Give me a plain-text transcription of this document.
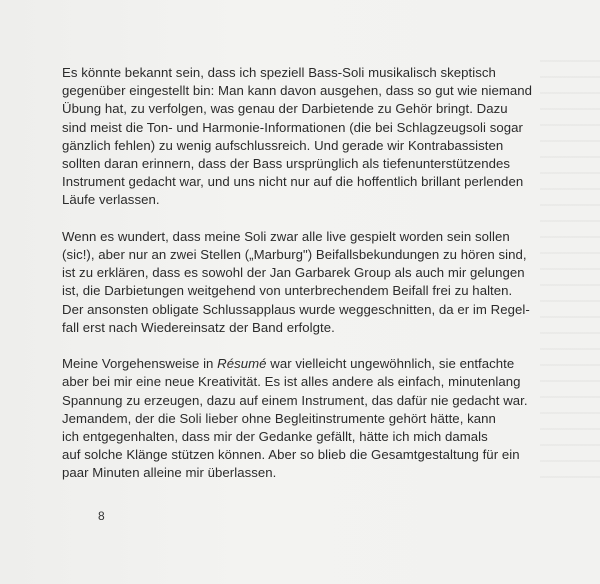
Es könnte bekannt sein, dass ich speziell Bass-Soli musikalisch skeptisch
gegenüber eingestellt bin: Man kann davon ausgehen, dass so gut wie niemand
Übung hat, zu verfolgen, was genau der Darbietende zu Gehör bringt. Dazu
sind meist die Ton- und Harmonie-Informationen (die bei Schlagzeugsoli sogar
gänzlich fehlen) zu wenig aufschlussreich. Und gerade wir Kontrabassisten
sollten daran erinnern, dass der Bass ursprünglich als tiefenunterstützendes
Instrument gedacht war, und uns nicht nur auf die hoffentlich brillant perlenden
Läufe verlassen.

Wenn es wundert, dass meine Soli zwar alle live gespielt worden sein sollen
(sic!), aber nur an zwei Stellen („Marburg") Beifallsbekundungen zu hören sind,
ist zu erklären, dass es sowohl der Jan Garbarek Group als auch mir gelungen
ist, die Darbietungen weitgehend von unterbrechendem Beifall frei zu halten.
Der ansonsten obligate Schlussapplaus wurde weggeschnitten, da er im Regel-
fall erst nach Wiedereinsatz der Band erfolgte.

Meine Vorgehensweise in Résumé war vielleicht ungewöhnlich, sie entfachte
aber bei mir eine neue Kreativität. Es ist alles andere als einfach, minutenlang
Spannung zu erzeugen, dazu auf einem Instrument, das dafür nie gedacht war.
Jemandem, der die Soli lieber ohne Begleitinstrumente gehört hätte, kann
ich entgegenhalten, dass mir der Gedanke gefällt, hätte ich mich damals
auf solche Klänge stützen können. Aber so blieb die Gesamtgestaltung für ein
paar Minuten alleine mir überlassen.

8
